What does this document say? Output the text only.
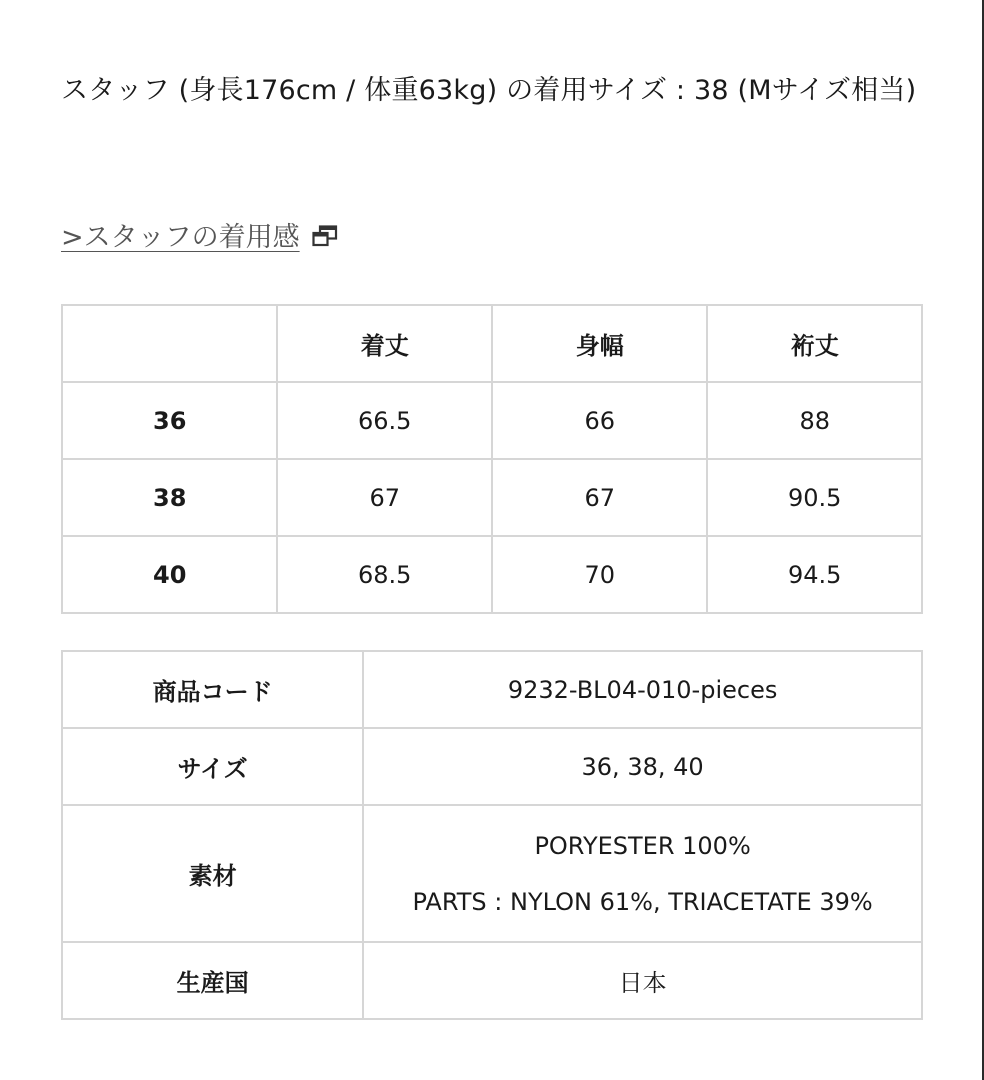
スタッフ (身長176cm / 体重63kg) の着用サイズ : 38 (Mサイズ相当)
>スタッフの着用感
	着丈	身幅	裄丈
36	66.5	66	88
38	67	67	90.5
40	68.5	70	94.5
商品コード	9232-BL04-010-pieces
サイズ	36, 38, 40
素材	PORYESTER 100%
PARTS : NYLON 61%, TRIACETATE 39%

生産国	日本
